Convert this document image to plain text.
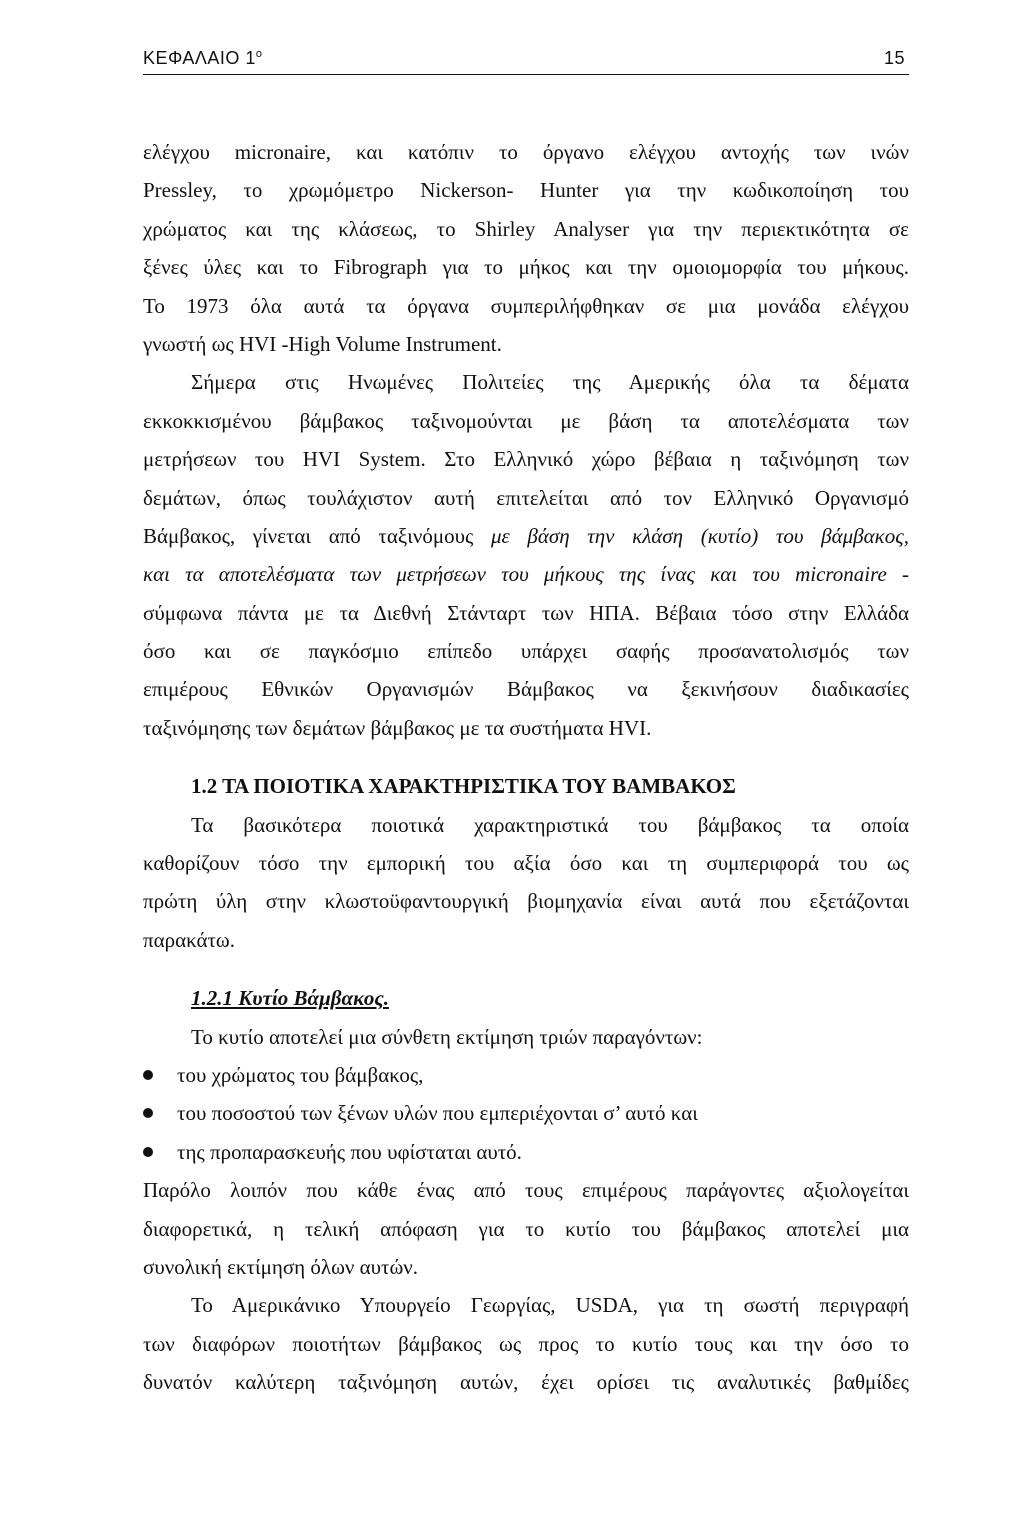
ΚΕΦΑΛΑΙΟ $1^o$	15
ελέγχου micronaire, και κατόπιν το όργανο ελέγχου αντοχής των ινών
Pressley, το χρωμόμετρο Nickerson- Hunter για την κωδικοποίηση του
χρώματος και της κλάσεως, το Shirley Analyser για την περιεκτικότητα σε
ξένες ύλες και το Fibrograph για το μήκος και την ομοιομορφία του μήκους.
Το 1973 όλα αυτά τα όργανα συμπεριλήφθηκαν σε μια μονάδα ελέγχου
γνωστή ως HVI -High Volume Instrument.
Σήμερα στις Ηνωμένες Πολιτείες της Αμερικής όλα τα δέματα
εκκοκκισμένου βάμβακος ταξινομούνται με βάση τα αποτελέσματα των
μετρήσεων του HVI System. Στο Ελληνικό χώρο βέβαια η ταξινόμηση των
δεμάτων, όπως τουλάχιστον αυτή επιτελείται από τον Ελληνικό Οργανισμό
Βάμβακος, γίνεται από ταξινόμους με βάση την κλάση (κυτίο) του βάμβακος,
και τα αποτελέσματα των μετρήσεων του μήκους της ίνας και του micronaire -
σύμφωνα πάντα με τα Διεθνή Στάνταρτ των ΗΠΑ. Βέβαια τόσο στην Ελλάδα
όσο και σε παγκόσμιο επίπεδο υπάρχει σαφής προσανατολισμός των
επιμέρους Εθνικών Οργανισμών Βάμβακος να ξεκινήσουν διαδικασίες
ταξινόμησης των δεμάτων βάμβακος με τα συστήματα HVI.
1.2 ΤΑ ΠΟΙΟΤΙΚΑ ΧΑΡΑΚΤΗΡΙΣΤΙΚΑ ΤΟΥ ΒΑΜΒΑΚΟΣ
Τα βασικότερα ποιοτικά χαρακτηριστικά του βάμβακος τα οποία
καθορίζουν τόσο την εμπορική του αξία όσο και τη συμπεριφορά του ως
πρώτη ύλη στην κλωστοϋφαντουργική βιομηχανία είναι αυτά που εξετάζονται
παρακάτω.
1.2.1 Κυτίο Βάμβακος.
Το κυτίο αποτελεί μια σύνθετη εκτίμηση τριών παραγόντων:
του χρώματος του βάμβακος,
του ποσοστού των ξένων υλών που εμπεριέχονται σ’ αυτό και
της προπαρασκευής που υφίσταται αυτό.
Παρόλο λοιπόν που κάθε ένας από τους επιμέρους παράγοντες αξιολογείται
διαφορετικά, η τελική απόφαση για το κυτίο του βάμβακος αποτελεί μια
συνολική εκτίμηση όλων αυτών.
Το Αμερικάνικο Υπουργείο Γεωργίας, USDA, για τη σωστή περιγραφή
των διαφόρων ποιοτήτων βάμβακος ως προς το κυτίο τους και την όσο το
δυνατόν καλύτερη ταξινόμηση αυτών, έχει ορίσει τις αναλυτικές βαθμίδες
